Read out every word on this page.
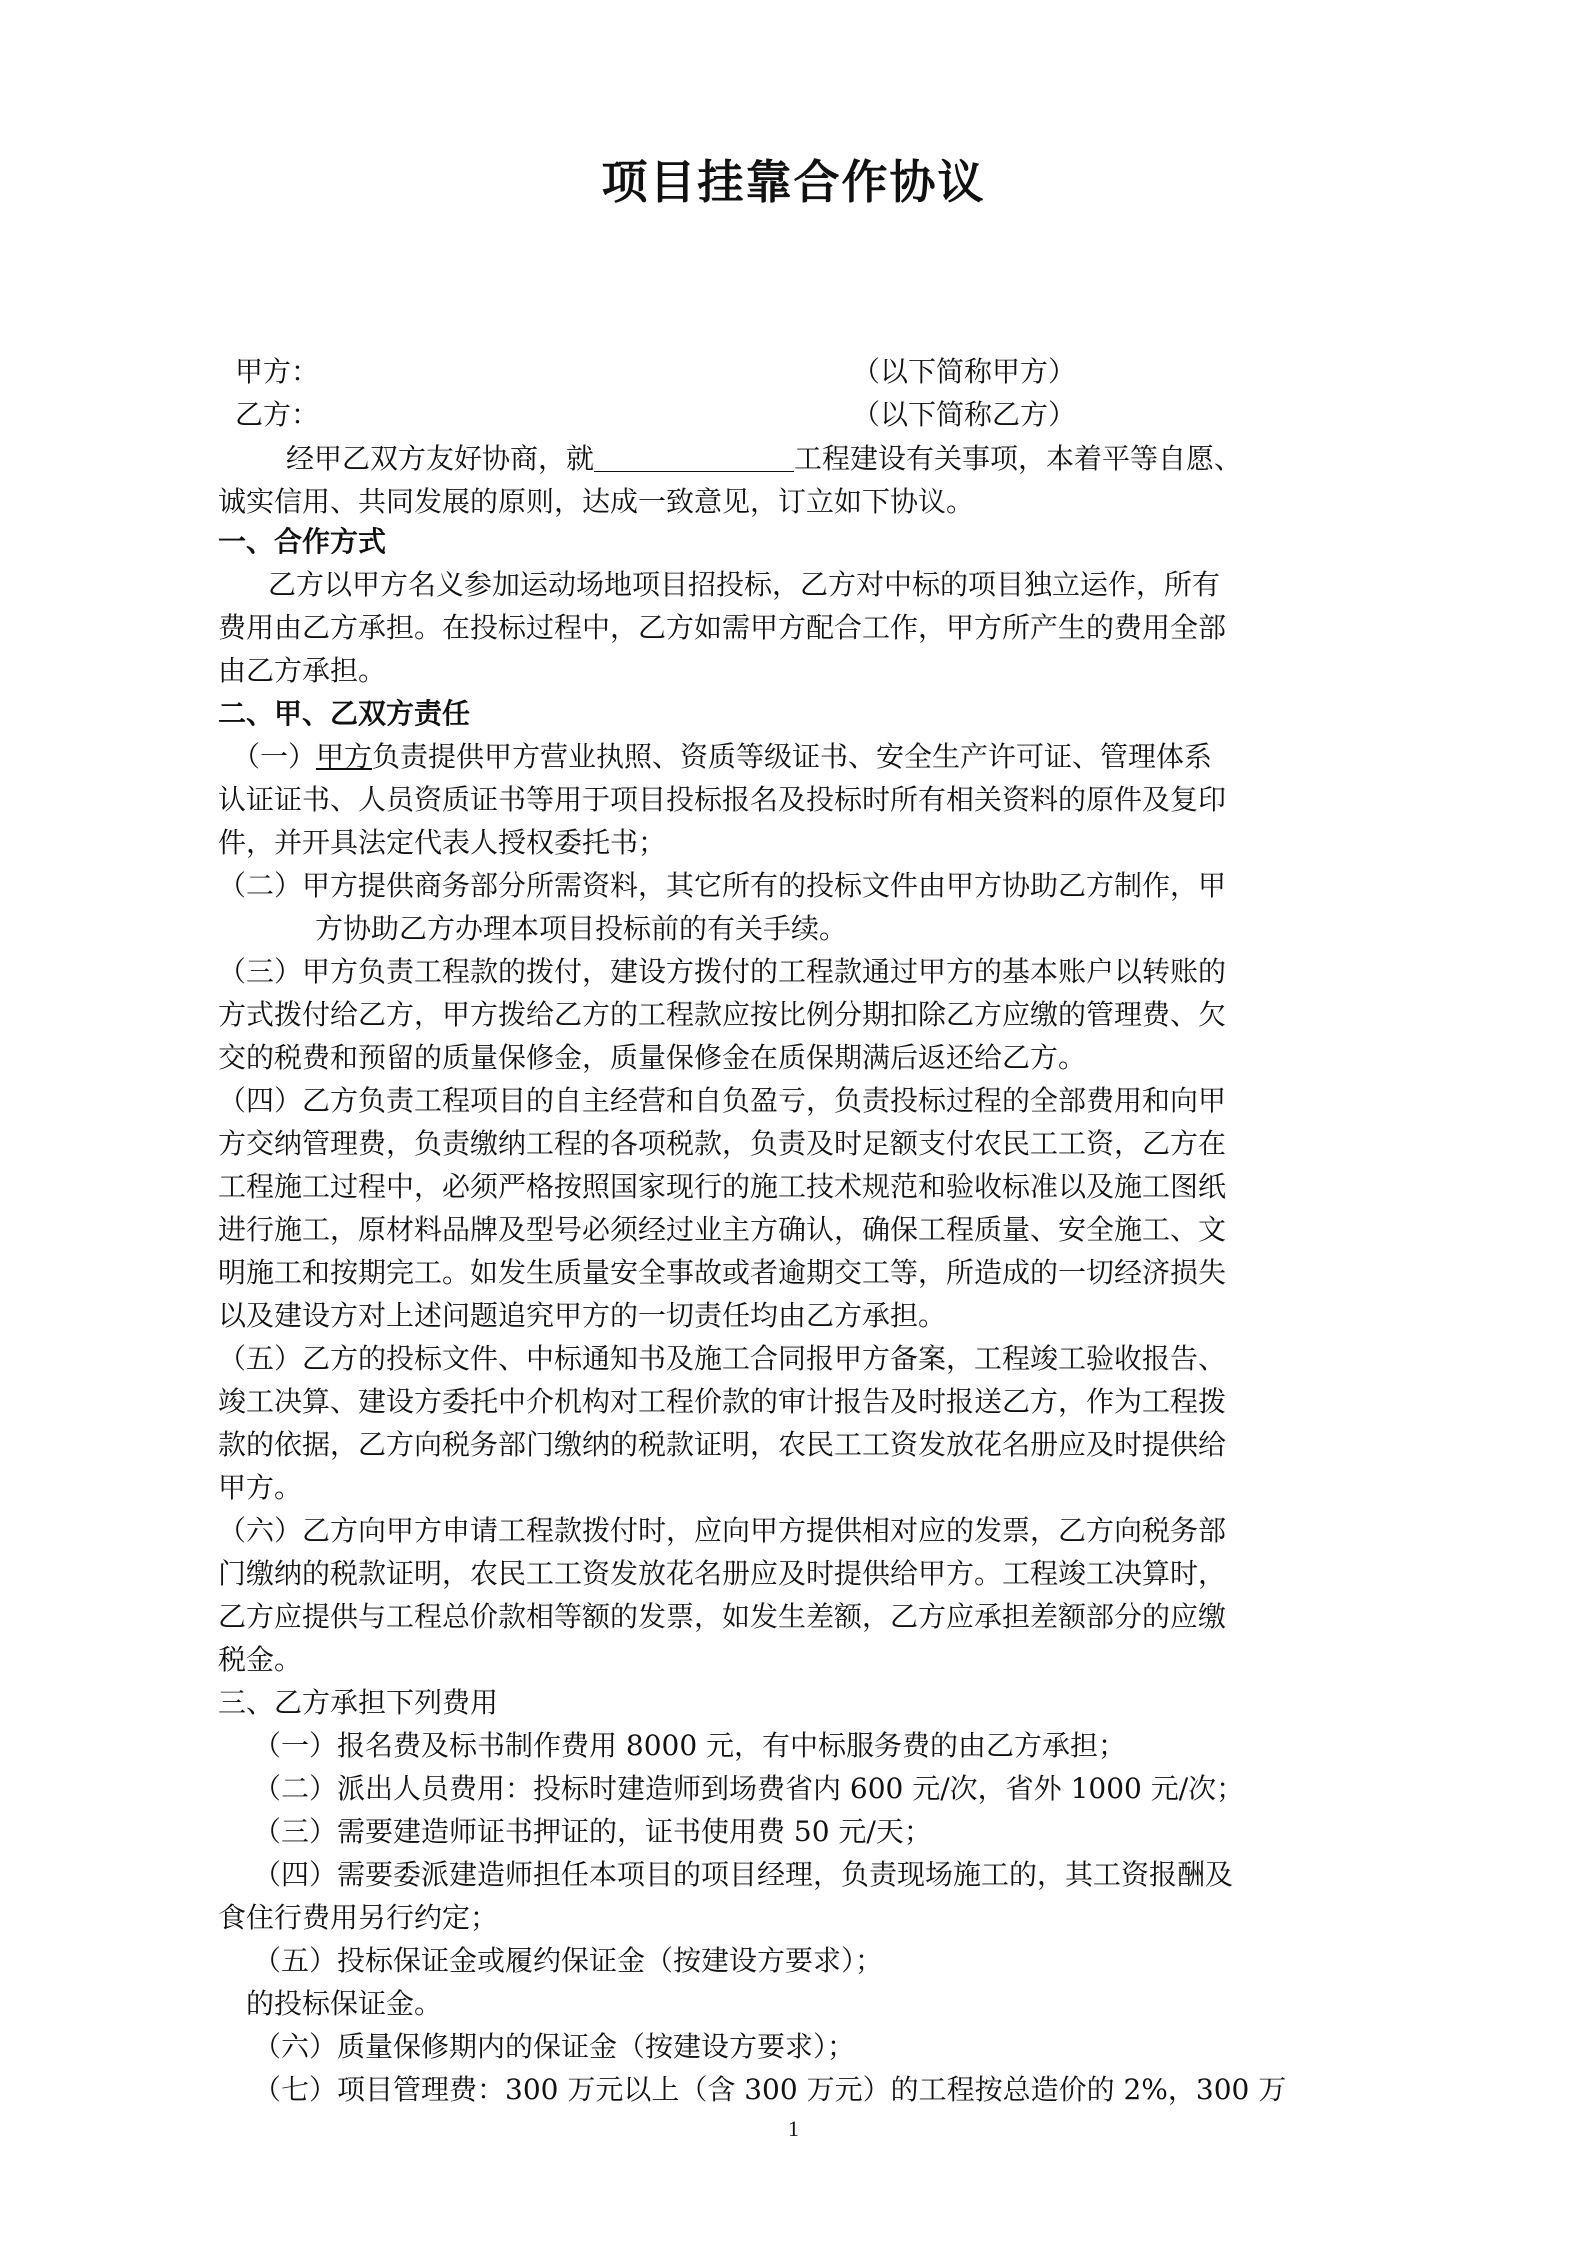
项目挂靠合作协议
甲方：	（以下简称甲方）
乙方：	（以下简称乙方）
经甲乙双方友好协商，就	工程建设有关事项，本着平等自愿、
诚实信用、共同发展的原则，达成一致意见，订立如下协议。
一、合作方式
乙方以甲方名义参加运动场地项目招投标，乙方对中标的项目独立运作，所有
费用由乙方承担。在投标过程中，乙方如需甲方配合工作，甲方所产生的费用全部
由乙方承担。
二、甲、乙双方责任
（一）甲方负责提供甲方营业执照、资质等级证书、安全生产许可证、管理体系
认证证书、人员资质证书等用于项目投标报名及投标时所有相关资料的原件及复印
件，并开具法定代表人授权委托书；
（二）甲方提供商务部分所需资料，其它所有的投标文件由甲方协助乙方制作，甲
方协助乙方办理本项目投标前的有关手续。
（三）甲方负责工程款的拨付，建设方拨付的工程款通过甲方的基本账户以转账的
方式拨付给乙方，甲方拨给乙方的工程款应按比例分期扣除乙方应缴的管理费、欠
交的税费和预留的质量保修金，质量保修金在质保期满后返还给乙方。
（四）乙方负责工程项目的自主经营和自负盈亏，负责投标过程的全部费用和向甲
方交纳管理费，负责缴纳工程的各项税款，负责及时足额支付农民工工资，乙方在
工程施工过程中，必须严格按照国家现行的施工技术规范和验收标准以及施工图纸
进行施工，原材料品牌及型号必须经过业主方确认，确保工程质量、安全施工、文
明施工和按期完工。如发生质量安全事故或者逾期交工等，所造成的一切经济损失
以及建设方对上述问题追究甲方的一切责任均由乙方承担。
（五）乙方的投标文件、中标通知书及施工合同报甲方备案，工程竣工验收报告、
竣工决算、建设方委托中介机构对工程价款的审计报告及时报送乙方，作为工程拨
款的依据，乙方向税务部门缴纳的税款证明，农民工工资发放花名册应及时提供给
甲方。
（六）乙方向甲方申请工程款拨付时，应向甲方提供相对应的发票，乙方向税务部
门缴纳的税款证明，农民工工资发放花名册应及时提供给甲方。工程竣工决算时，
乙方应提供与工程总价款相等额的发票，如发生差额，乙方应承担差额部分的应缴
税金。
三、乙方承担下列费用
（一）报名费及标书制作费用 8000 元，有中标服务费的由乙方承担；
（二）派出人员费用：投标时建造师到场费省内 600 元/次，省外 1000 元/次；
（三）需要建造师证书押证的，证书使用费 50 元/天；
（四）需要委派建造师担任本项目的项目经理，负责现场施工的，其工资报酬及
食住行费用另行约定；
（五）投标保证金或履约保证金（按建设方要求）；
的投标保证金。
（六）质量保修期内的保证金（按建设方要求）；
（七）项目管理费：300 万元以上（含 300 万元）的工程按总造价的 2%，300 万
1
